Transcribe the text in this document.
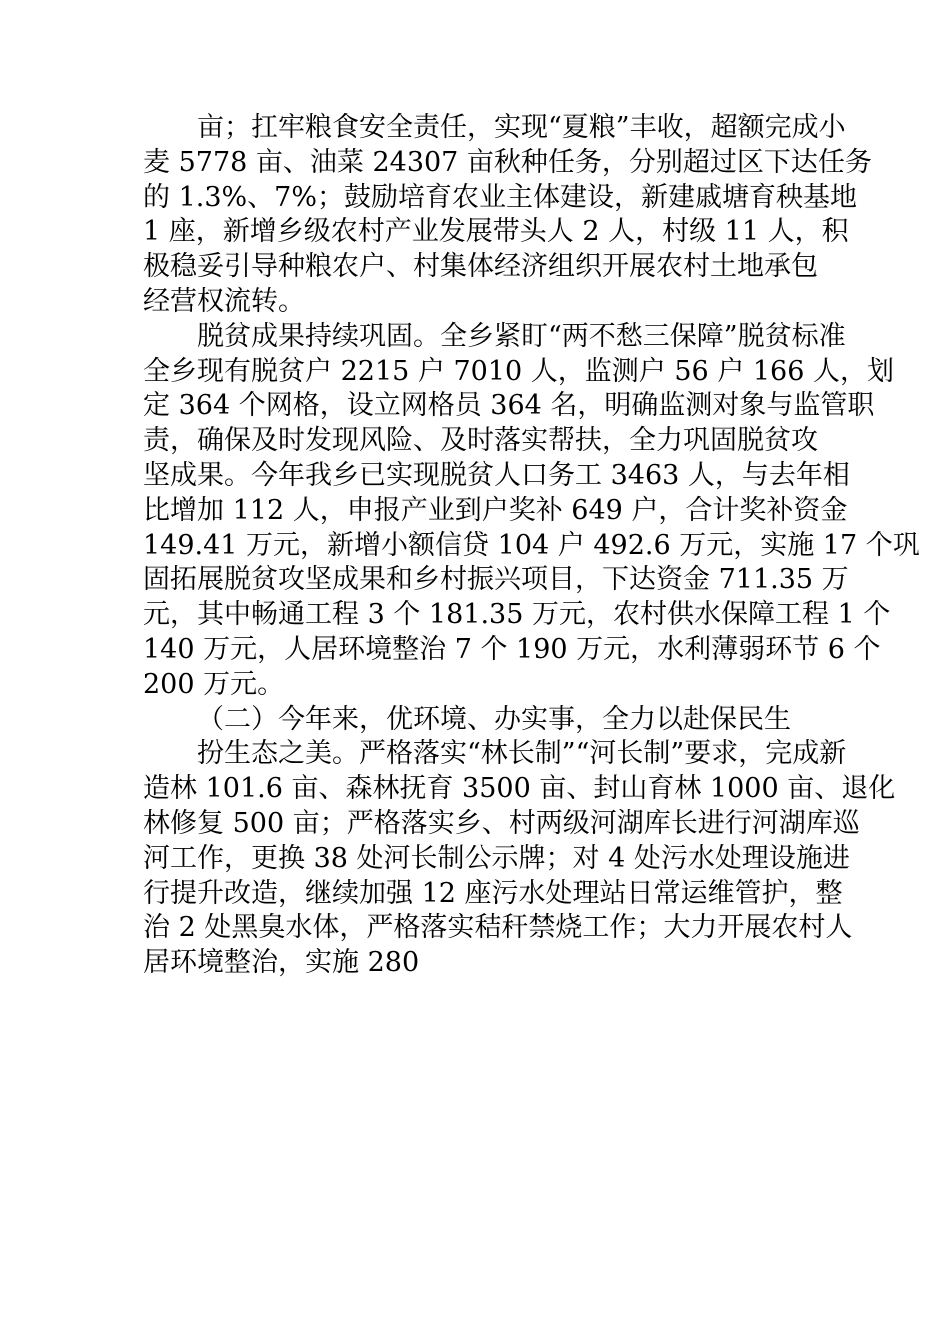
亩；扛牢粮食安全责任，实现“夏粮”丰收，超额完成小
麦 5778 亩、油菜 24307 亩秋种任务，分别超过区下达任务
的 1.3%、7%；鼓励培育农业主体建设，新建戚塘育秧基地
1 座，新增乡级农村产业发展带头人 2 人，村级 11 人，积
极稳妥引导种粮农户、村集体经济组织开展农村土地承包
经营权流转。
脱贫成果持续巩固。全乡紧盯“两不愁三保障”脱贫标准
全乡现有脱贫户 2215 户 7010 人，监测户 56 户 166 人，划
定 364 个网格，设立网格员 364 名，明确监测对象与监管职
责，确保及时发现风险、及时落实帮扶，全力巩固脱贫攻
坚成果。今年我乡已实现脱贫人口务工 3463 人，与去年相
比增加 112 人，申报产业到户奖补 649 户，合计奖补资金
149.41 万元，新增小额信贷 104 户 492.6 万元，实施 17 个巩
固拓展脱贫攻坚成果和乡村振兴项目，下达资金 711.35 万
元，其中畅通工程 3 个 181.35 万元，农村供水保障工程 1 个
140 万元，人居环境整治 7 个 190 万元，水利薄弱环节 6 个
200 万元。
（二）今年来，优环境、办实事，全力以赴保民生
扮生态之美。严格落实“林长制”“河长制”要求，完成新
造林 101.6 亩、森林抚育 3500 亩、封山育林 1000 亩、退化
林修复 500 亩；严格落实乡、村两级河湖库长进行河湖库巡
河工作，更换 38 处河长制公示牌；对 4 处污水处理设施进
行提升改造，继续加强 12 座污水处理站日常运维管护，整
治 2 处黑臭水体，严格落实秸秆禁烧工作；大力开展农村人
居环境整治，实施 280
